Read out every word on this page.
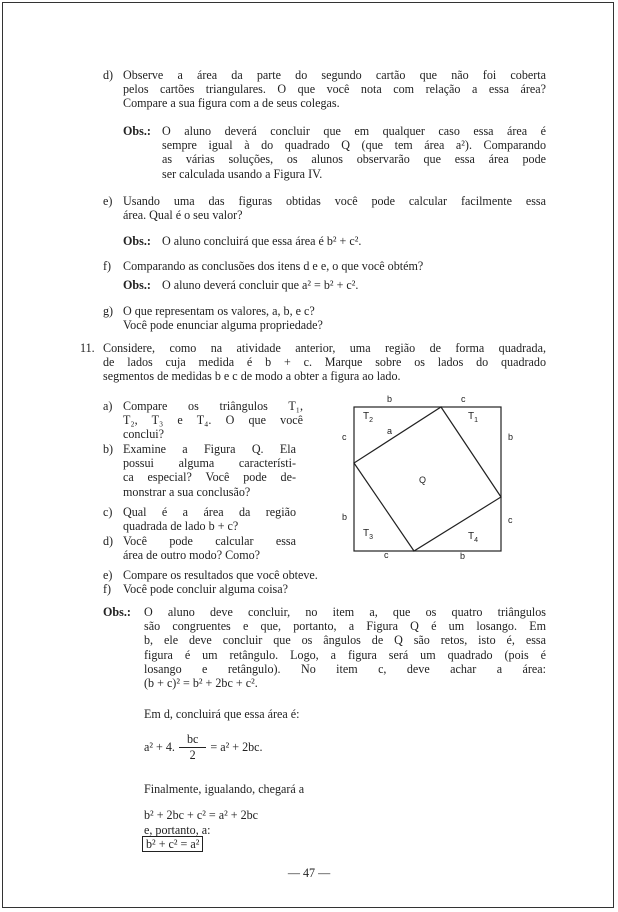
d) Observe a área da parte do segundo cartão que não foi coberta
pelos cartões triangulares. O que você nota com relação a essa área?
Compare a sua figura com a de seus colegas.
Obs.: O aluno deverá concluir que em qualquer caso essa área é
sempre igual à do quadrado Q (que tem área a²). Comparando
as várias soluções, os alunos observarão que essa área pode
ser calculada usando a Figura IV.
e) Usando uma das figuras obtidas você pode calcular facilmente essa
área. Qual é o seu valor?
Obs.: O aluno concluirá que essa área é b² + c².
f) Comparando as conclusões dos itens d e e, o que você obtém?
Obs.: O aluno deverá concluir que a² = b² + c².
g) O que representam os valores, a, b, e c?
Você pode enunciar alguma propriedade?
11. Considere, como na atividade anterior, uma região de forma quadrada,
de lados cuja medida é b + c. Marque sobre os lados do quadrado
segmentos de medidas b e c de modo a obter a figura ao lado.
a) Compare os triângulos T₁,
T₂, T₃ e T₄. O que você
conclui?
b) Examine a Figura Q. Ela
possui alguma característi-
ca especial? Você pode de-
monstrar a sua conclusão?
c) Qual é a área da região
quadrada de lado b + c?
d) Você pode calcular essa
área de outro modo? Como?
e) Compare os resultados que você obteve.
f) Você pode concluir alguma coisa?
b	c
c	b
b	c
c	b
a
Q
$T_2$	$T_1$
$T_3$	$T_4$
Obs.: O aluno deve concluir, no item a, que os quatro triângulos
são congruentes e que, portanto, a Figura Q é um losango. Em
b, ele deve concluir que os ângulos de Q são retos, isto é, essa
figura é um retângulo. Logo, a figura será um quadrado (pois é
losango e retângulo). No item c, deve achar a área:
(b + c)² = b² + 2bc + c².
Em d, concluirá que essa área é:
a² + 4. $\frac{bc}{2} = a^2 + 2bc$.
Finalmente, igualando, chegará a
b² + 2bc + c² = a² + 2bc
e, portanto, a:
b² + c² = a²
— 47 —
